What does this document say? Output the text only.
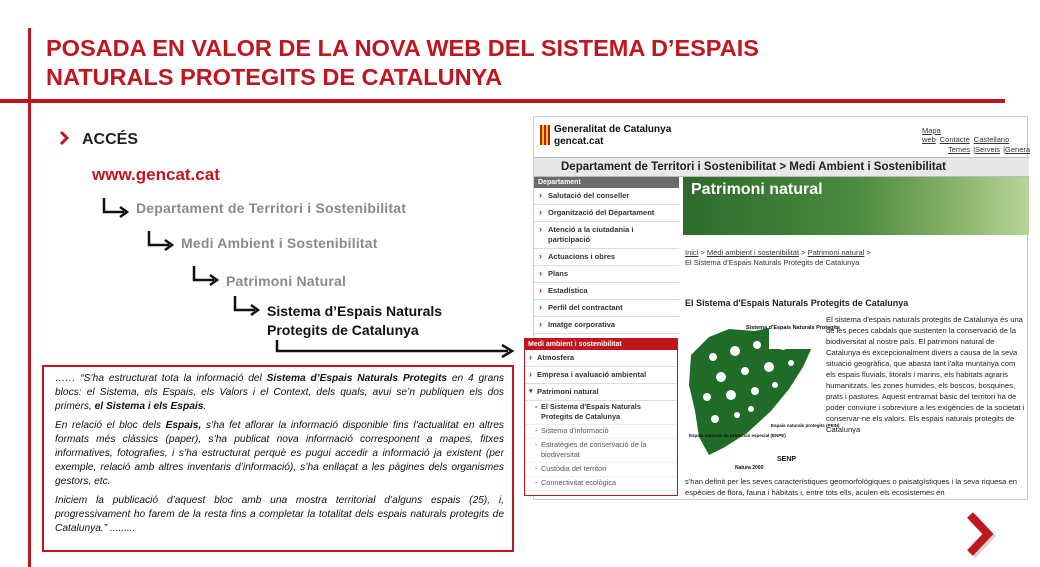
POSADA EN VALOR DE LA NOVA WEB DEL SISTEMA D’ESPAIS
NATURALS PROTEGITS DE CATALUNYA
ACCÉS
www.gencat.cat
Departament de Territori i Sostenibilitat
Medi Ambient i Sostenibilitat
Patrimoni Natural
Sistema d’Espais Naturals
Protegits de Catalunya

…… “S’ha estructurat tota la informació del Sistema d’Espais Naturals Protegits en 4 grans blocs: el Sistema, els Espais, els Valors i el Context, dels quals, avui se’n publiquen els dos primers, el Sistema i els Espais.

En relació el bloc dels Espais, s’ha fet aflorar la informació disponible fins l’actualitat en altres formats més clàssics (paper), s’ha publicat nova informació corresponent a mapes, fitxes informatives, fotografies, i s’ha estructurat perquè es pugui accedir a informació ja existent (per exemple, relació amb altres inventaris d’informació), s’ha enllaçat a les pàgines dels organismes gestors, etc.

Iniciem la publicació d’aquest bloc amb una mostra territorial d’alguns espais (25), i, progressivament ho farem de la resta fins a completar la totalitat dels espais naturals protegits de Catalunya.” .........

Generalitat de Catalunya
gencat.cat
Mapa web Contacte Castellano
Temes |Serveis |Genera
Departament de Territori i Sostenibilitat > Medi Ambient i Sostenibilitat
Departament
› Salutació del conseller
› Organització del Departament
› Atenció a la ciutadania i participació
› Actuacions i obres
› Plans
› Estadística
› Perfil del contractant
› Imatge corporativa
Patrimoni natural
Inici > Medi ambient i sostenibilitat > Patrimoni natural >
El Sistema d’Espais Naturals Protegits de Catalunya
El Sistema d'Espais Naturals Protegits de Catalunya
Sistema d'Espais Naturals Protegits
Espais naturals de protecció especial (ENPE)
Espais naturals protegits (PEIN)
SENP
Natura 2000
El sistema d'espais naturals protegits de Catalunya és una de les peces cabdals que sustenten la conservació de la biodiversitat al nostre país. El patrimoni natural de Catalunya és excepcionalment divers a causa de la seva situació geogràfica, que abasta tant l'alta muntanya com els espais fluvials, litorals i marins, els hàbitats agraris humanitzats, les zones humides, els boscos, bosquines, prats i pastures. Aquest entramat bàsic del territori ha de poder conviure i sobreviure a les exigències de la societat i conservar-ne els valors. Els espais naturals protegits de Catalunya
s'han definit per les seves característiques geomorfològiques o paisatgístiques i la seva riquesa en espècies de flora, fauna i hàbitats i, entre tots ells, aculen els ecosistemes en
Medi ambient i sostenibilitat
› Atmosfera
› Empresa i avaluació ambiental
▾ Patrimoni natural
- El Sistema d'Espais Naturals Protegits de Catalunya
- Sistema d'informació
- Estratègies de conservació de la biodiversitat
- Custòdia del territori
- Connectivitat ecològica
